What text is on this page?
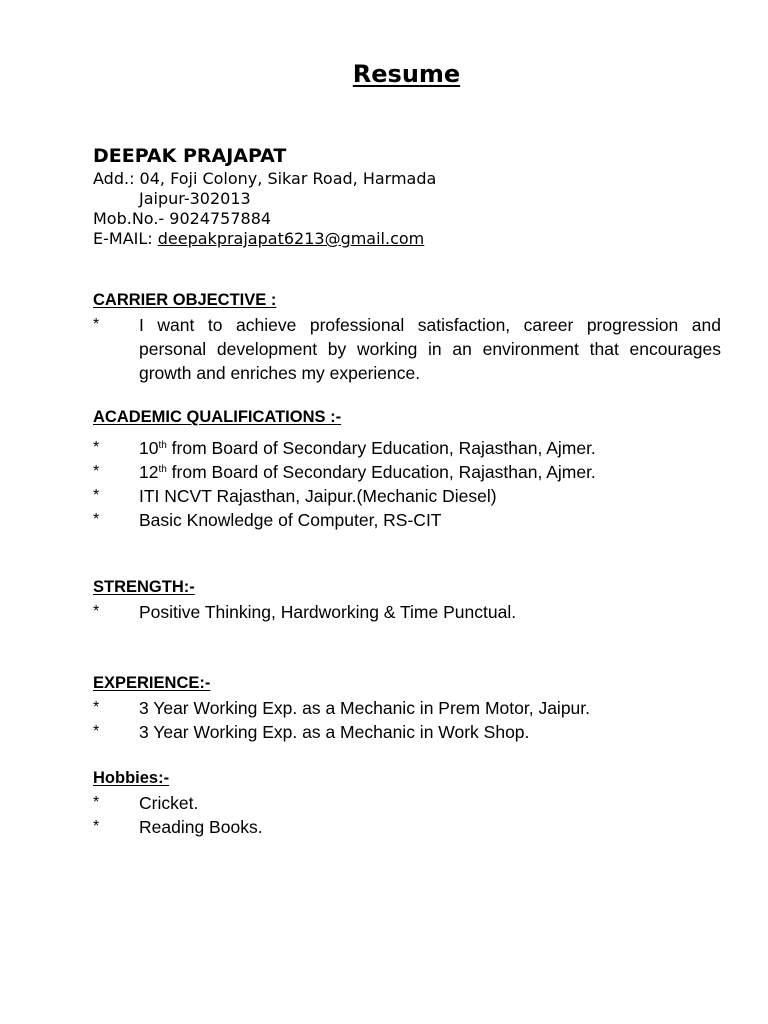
Resume
DEEPAK PRAJAPAT
Add.: 04, Foji Colony, Sikar Road, Harmada
Jaipur-302013
Mob.No.- 9024757884
E-MAIL: deepakprajapat6213@gmail.com
CARRIER OBJECTIVE :
*	I want to achieve professional satisfaction, career progression and personal development by working in an environment that encourages growth and enriches my experience.
ACADEMIC QUALIFICATIONS :-
*	10th from Board of Secondary Education, Rajasthan, Ajmer.
*	12th from Board of Secondary Education, Rajasthan, Ajmer.
*	ITI NCVT Rajasthan, Jaipur.(Mechanic Diesel)
*	Basic Knowledge of Computer, RS-CIT
STRENGTH:-
*	Positive Thinking, Hardworking & Time Punctual.
EXPERIENCE:-
*	3 Year Working Exp. as a Mechanic in Prem Motor, Jaipur.
*	3 Year Working Exp. as a Mechanic in Work Shop.
Hobbies:-
*	Cricket.
*	Reading Books.
